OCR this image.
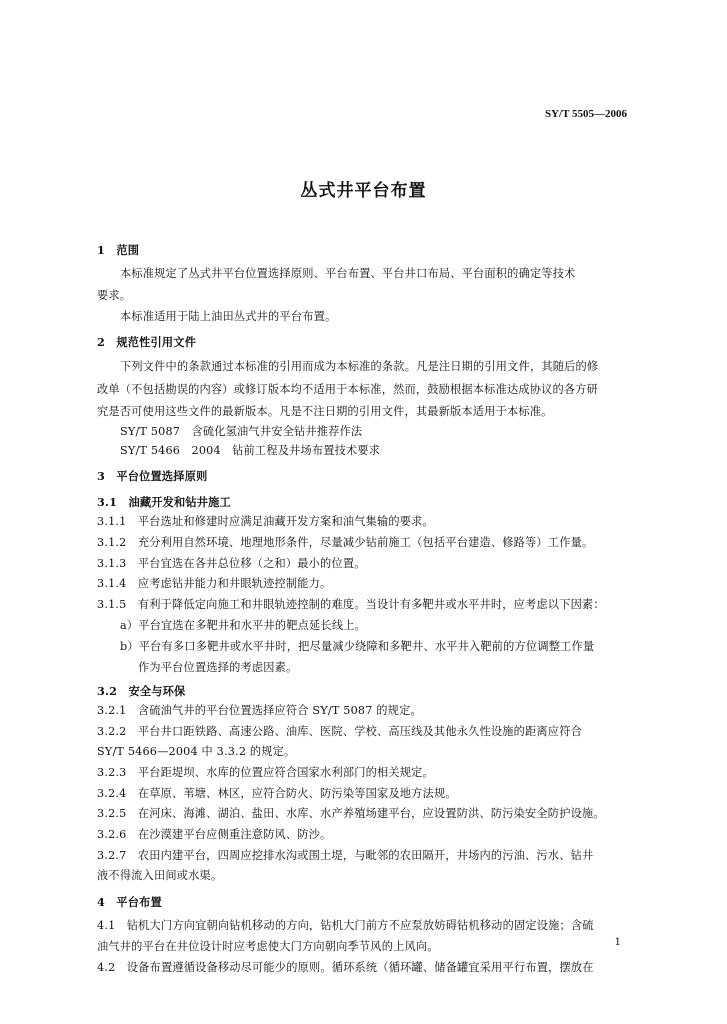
SY/T 5505—2006
丛式井平台布置
1　范围
本标准规定了丛式井平台位置选择原则、平台布置、平台井口布局、平台面积的确定等技术
要求。
本标准适用于陆上油田丛式井的平台布置。
2　规范性引用文件
下列文件中的条款通过本标准的引用而成为本标准的条款。凡是注日期的引用文件，其随后的修
改单（不包括勘误的内容）或修订版本均不适用于本标准，然而，鼓励根据本标准达成协议的各方研
究是否可使用这些文件的最新版本。凡是不注日期的引用文件，其最新版本适用于本标准。
SY/T 5087　含硫化氢油气井安全钻井推荐作法
SY/T 5466　2004　钻前工程及井场布置技术要求
3　平台位置选择原则
3.1　油藏开发和钻井施工
3.1.1　平台选址和修建时应满足油藏开发方案和油气集输的要求。
3.1.2　充分利用自然环境、地理地形条件，尽量减少钻前施工（包括平台建造、修路等）工作量。
3.1.3　平台宜选在各井总位移（之和）最小的位置。
3.1.4　应考虑钻井能力和井眼轨迹控制能力。
3.1.5　有利于降低定向施工和井眼轨迹控制的难度。当设计有多靶井或水平井时，应考虑以下因素：
a）平台宜选在多靶井和水平井的靶点延长线上。
b）平台有多口多靶井或水平井时，把尽量减少绕障和多靶井、水平井入靶前的方位调整工作量
作为平台位置选择的考虑因素。
3.2　安全与环保
3.2.1　含硫油气井的平台位置选择应符合 SY/T 5087 的规定。
3.2.2　平台井口距铁路、高速公路、油库、医院、学校、高压线及其他永久性设施的距离应符合
SY/T 5466—2004 中 3.3.2 的规定。
3.2.3　平台距堤坝、水库的位置应符合国家水利部门的相关规定。
3.2.4　在草原、苇塘、林区，应符合防火、防污染等国家及地方法规。
3.2.5　在河床、海滩、湖泊、盐田、水库、水产养殖场建平台，应设置防洪、防污染安全防护设施。
3.2.6　在沙漠建平台应侧重注意防风、防沙。
3.2.7　农田内建平台，四周应挖排水沟或围土堤，与毗邻的农田隔开，井场内的污油、污水、钻井
液不得流入田间或水渠。
4　平台布置
4.1　钻机大门方向宜朝向钻机移动的方向，钻机大门前方不应泵放妨碍钻机移动的固定设施；含硫
油气井的平台在井位设计时应考虑使大门方向朝向季节风的上风向。
4.2　设备布置遵循设备移动尽可能少的原则。循环系统（循环罐、储备罐宜采用平行布置，摆放在
1
